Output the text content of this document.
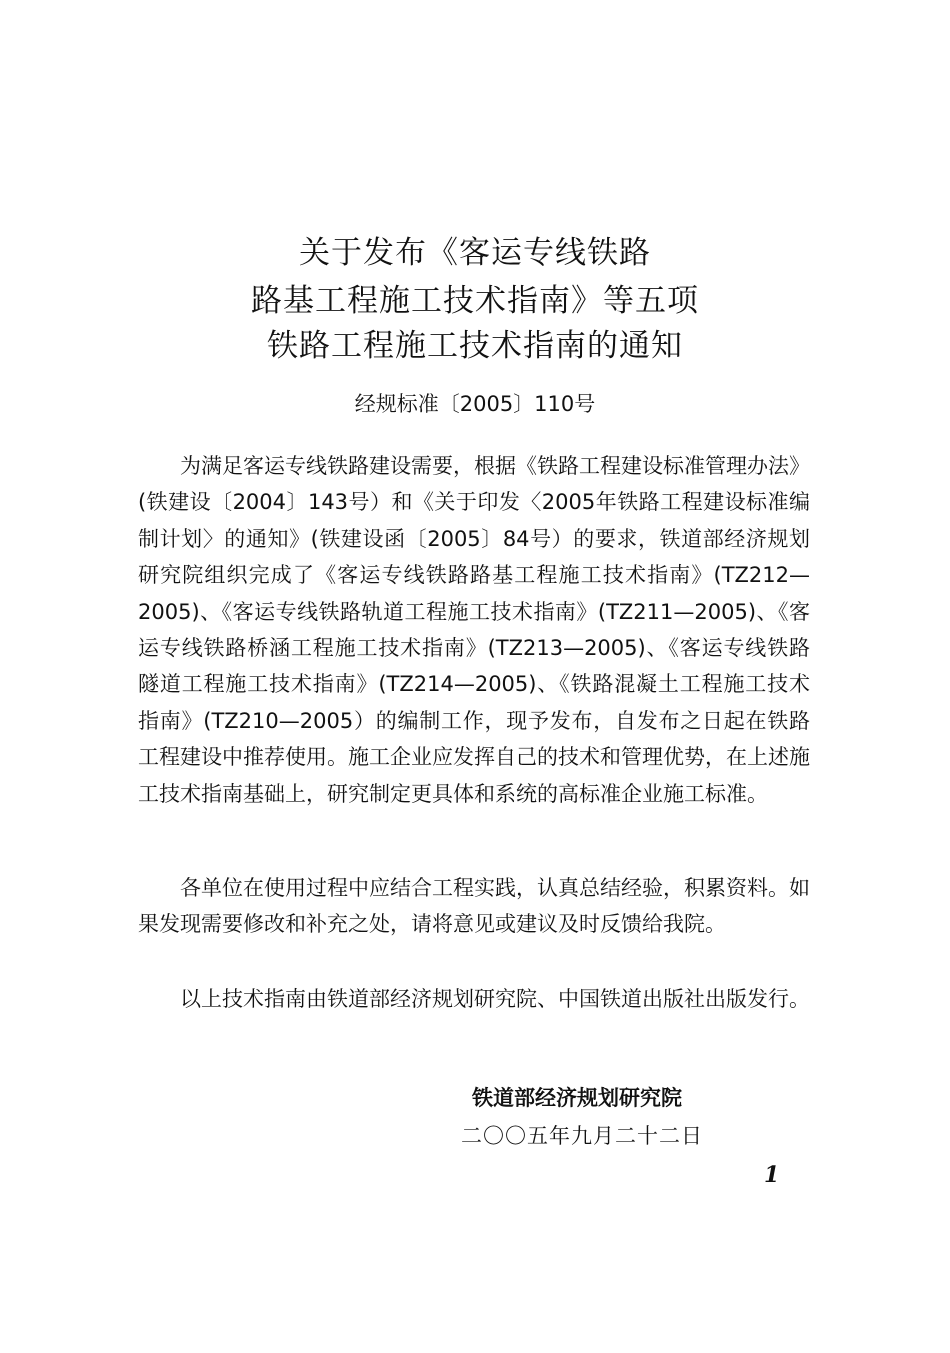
关于发布《客运专线铁路
路基工程施工技术指南》等五项
铁路工程施工技术指南的通知
经规标准〔2005〕110号

为满足客运专线铁路建设需要，根据《铁路工程建设标准管理办法》(铁建设〔2004〕143号）和《关于印发〈2005年铁路工程建设标准编制计划〉的通知》(铁建设函〔2005〕84号）的要求，铁道部经济规划研究院组织完成了《客运专线铁路路基工程施工技术指南》(TZ212—2005)、《客运专线铁路轨道工程施工技术指南》(TZ211—2005)、《客运专线铁路桥涵工程施工技术指南》(TZ213—2005)、《客运专线铁路隧道工程施工技术指南》(TZ214—2005)、《铁路混凝土工程施工技术指南》(TZ210—2005）的编制工作，现予发布，自发布之日起在铁路工程建设中推荐使用。施工企业应发挥自己的技术和管理优势，在上述施工技术指南基础上，研究制定更具体和系统的高标准企业施工标准。

各单位在使用过程中应结合工程实践，认真总结经验，积累资料。如果发现需要修改和补充之处，请将意见或建议及时反馈给我院。

以上技术指南由铁道部经济规划研究院、中国铁道出版社出版发行。

铁道部经济规划研究院
二〇〇五年九月二十二日
1
